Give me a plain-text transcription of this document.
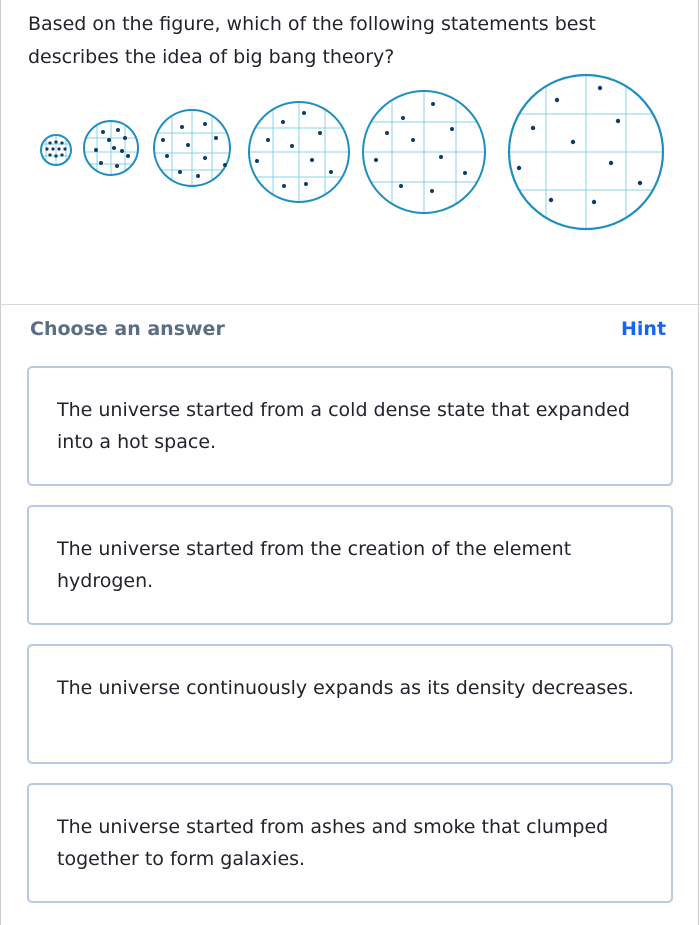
Based on the figure, which of the following statements best describes the idea of big bang theory?
Choose an answer	Hint
The universe started from a cold dense state that expanded into a hot space.
The universe started from the creation of the element hydrogen.
The universe continuously expands as its density decreases.
The universe started from ashes and smoke that clumped together to form galaxies.
